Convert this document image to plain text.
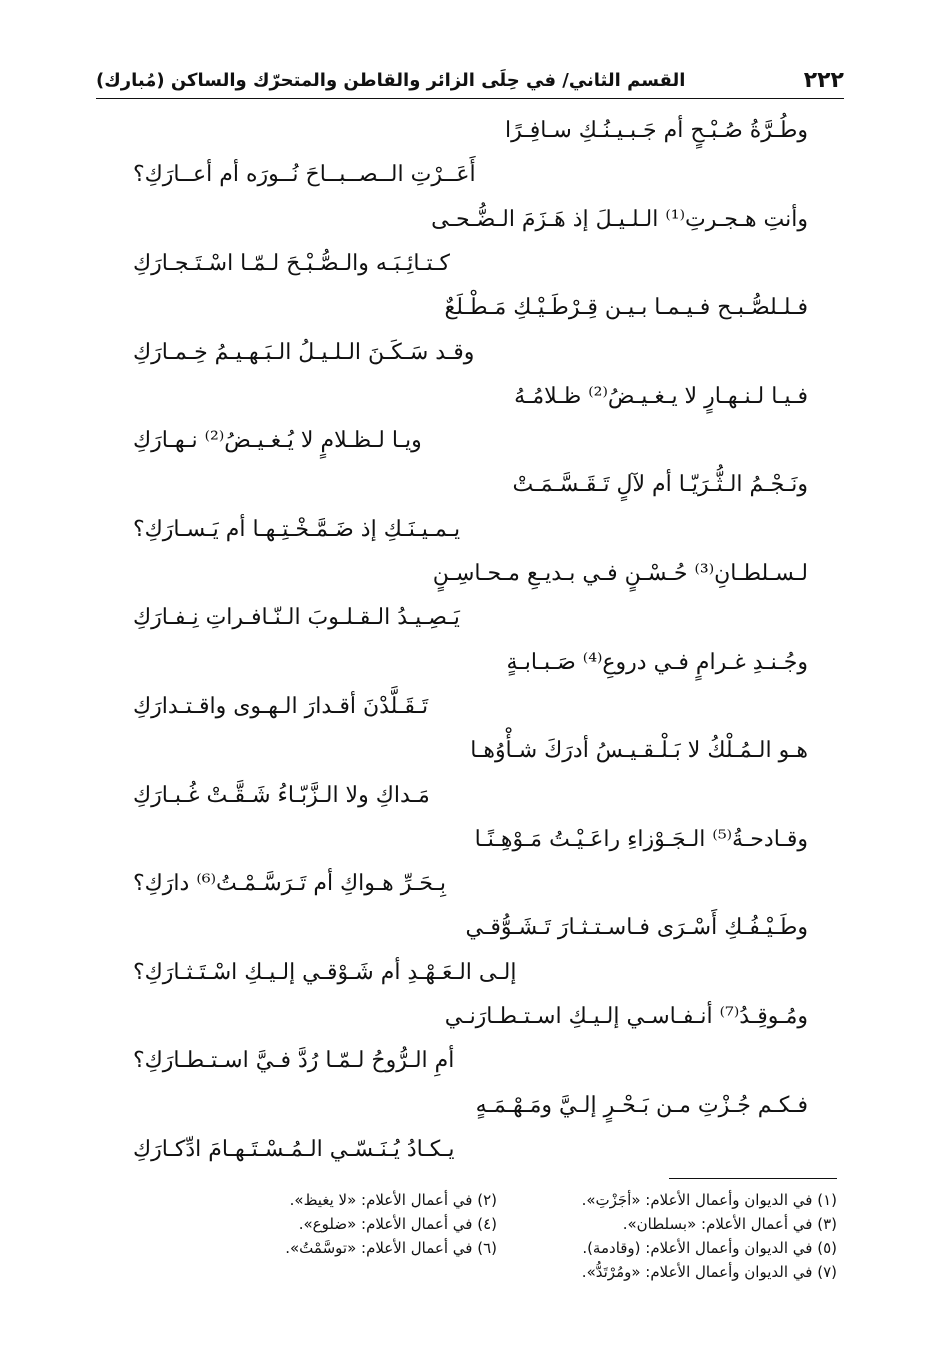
٢٢٢
القسم الثاني/ في حِلَى الزائر والقاطن والمتحرّك والساكن (مُبارك)
وطُـرَّةُ صُـبْـحٍ أم جَـبـيـنُـكِ سـافِـرًا
أَعَــرْتِ الــصــبــاحَ نُــورَه أم أعــارَكِ؟
وأنتِ هـجـرتِ⁽¹⁾ الـلـيـلَ إذ هَـزَمَ الـضُّـحـى
كـتـائِـبَـه والـصُّـبْـحَ لـمّـا اسْـتَـجـارَكِ
فـلـلصُّـبـح فـيـمـا بـيـن قِـرْطَـيْـكِ مَـطْـلَعٌ
وقـد سَـكَـنَ الـلـيـلُ الـبَـهـيـمُ خِـمـارَكِ
فـيـا لـنـهـارٍ لا يـغـيـضُ⁽²⁾ ظـلامُـهُ
ويـا لـظـلامٍ لا يُـغـيـضُ⁽²⁾ نـهـارَكِ
ونَـجْـمُ الـثُّـرَيّـا أم لآلٍ تَـقَـسَّـمَـتْ
يـمـيـنَـكِ إذ ضَـمَّـخْـتِـهـا أم يَـسـارَكِ؟
لـسـلطـانِ⁽³⁾ حُـسْـنٍ فـي بـديـعِ مـحـاسِـنٍ
يَـصِـيـدُ الـقـلـوبَ الـنّـافـراتِ نِـفـارَكِ
وجُـنـدِ غـرامٍ فـي دروعِ⁽⁴⁾ صَـبـابـةٍ
تَـقَـلَّدْنَ أقـدارَ الـهـوى واقـتـدارَكِ
هـو الـمُـلْكُ لا بَـلْـقـيـسُ أدرَكَ شـأْوُهـا
مَـداكِ ولا الـزَّبّـاءُ شَـقَّـتْ غُـبـارَكِ
وقـادحـةُ⁽⁵⁾ الـجَـوْزاءِ راعَـيْـتُ مَـوْهِـنًـا
بِـحَـرِّ هـواكِ أم تَـرَسَّـمْـتُ⁽⁶⁾ دارَكِ؟
وطَـيْـفُـكِ أَسْـرَى فـاسـتـثـارَ تَـشَـوُّقـي
إلـى الـعَـهْـدِ أم شَـوْقـي إلـيـكِ اسْـتَـثـارَكِ؟
ومُـوقِـدُ⁽⁷⁾ أنـفـاسـي إلـيـكِ اسـتـطـارَنـي
أمِ الـرُّوحُ لـمّـا رُدَّ فـيَّ اسـتـطـارَكِ؟
فـكـم جُـزْتِ مـن بَـحْـرٍ إلـيَّ ومَـهْـمَـهٍ
يـكـادُ يُـنَـسّـي الـمُـسْـتَـهـامَ ادِّكـارَكِ
(١) في الديوان وأعمال الأعلام: «أجَزْتِ».
(٢) في أعمال الأعلام: «لا يغيظ».
(٣) في أعمال الأعلام: «بسلطان».
(٤) في أعمال الأعلام: «ضلوع».
(٥) في الديوان وأعمال الأعلام: (وقادمة).
(٦) في أعمال الأعلام: «توسَّمْتُ».
(٧) في الديوان وأعمال الأعلام: «ومُرْتَدُّ».
